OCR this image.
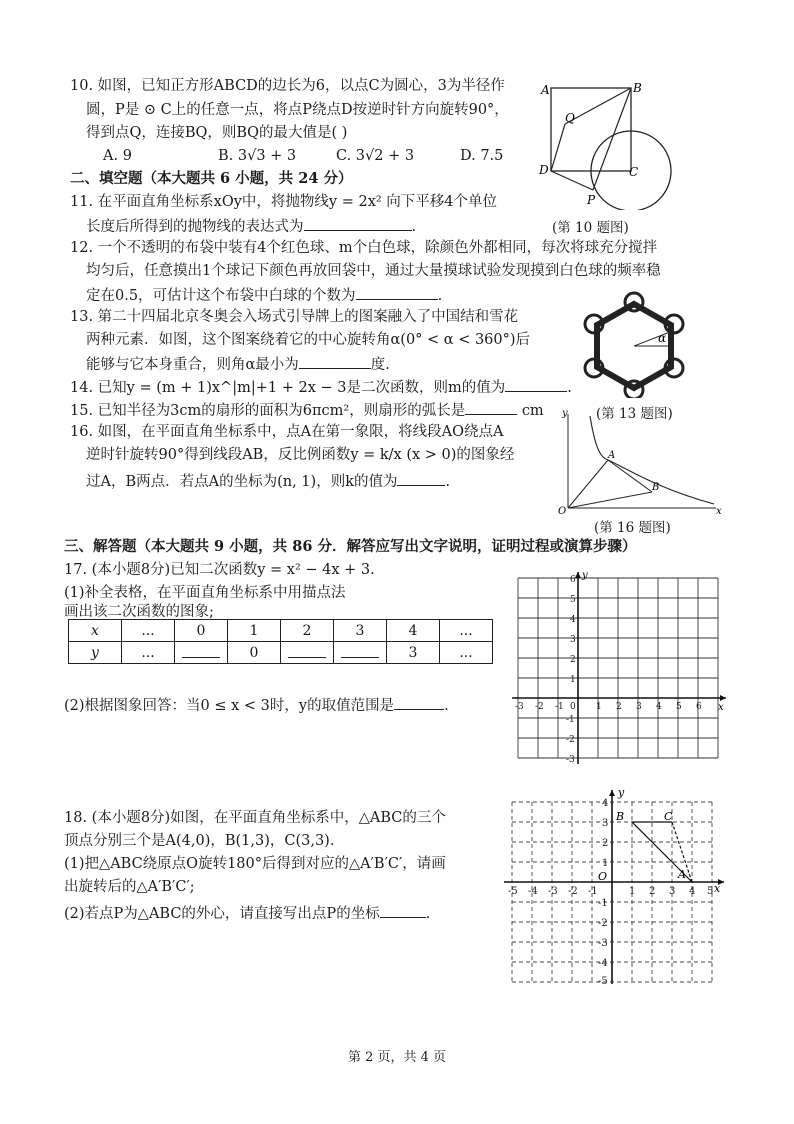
10. 如图，已知正方形ABCD的边长为6，以点C为圆心，3为半径作
圆，P是 ⊙ C上的任意一点，将点P绕点D按逆时针方向旋转90°，
得到点Q，连接BQ，则BQ的最大值是( )
A. 9	B. 3√3 + 3	C. 3√2 + 3	D. 7.5
A	B
C
D
P
Q
(第 10 题图)
二、填空题（本大题共 6 小题，共 24 分）
11. 在平面直角坐标系xOy中，将抛物线y = 2x² 向下平移4个单位
长度后所得到的抛物线的表达式为	.
12. 一个不透明的布袋中装有4个红色球、m个白色球，除颜色外都相同，每次将球充分搅拌
均匀后，任意摸出1个球记下颜色再放回袋中，通过大量摸球试验发现摸到白色球的频率稳
定在0.5，可估计这个布袋中白球的个数为	.
13. 第二十四届北京冬奥会入场式引导牌上的图案融入了中国结和雪花
两种元素．如图，这个图案绕着它的中心旋转角α(0° < α < 360°)后
能够与它本身重合，则角α最小为	度.
α
(第 13 题图)
14. 已知y = (m + 1)x^|m|+1 + 2x − 3是二次函数，则m的值为	.
15. 已知半径为3cm的扇形的面积为6πcm²，则扇形的弧长是	cm
16. 如图，在平面直角坐标系中，点A在第一象限，将线段AO绕点A
逆时针旋转90°得到线段AB，反比例函数y = k/x (x > 0)的图象经
过A，B两点．若点A的坐标为(n, 1)，则k的值为	.
y
x
O
A
B
(第 16 题图)
三、解答题（本大题共 9 小题，共 86 分．解答应写出文字说明，证明过程或演算步骤）
17. (本小题8分)已知二次函数y = x² − 4x + 3.
(1)补全表格，在平面直角坐标系中用描点法
画出该二次函数的图象;
x	...	0	1	2	3	4	...
y	...		0			3	...
(2)根据图象回答：当0 ≤ x < 3时，y的取值范围是	.	-3 -2 -1 0 1 2 3 4 5 6
6
5
4
3
2
1
-1
-2
-3
y
x
18. (本小题8分)如图，在平面直角坐标系中，△ABC的三个
顶点分别三个是A(4,0)，B(1,3)，C(3,3).
(1)把△ABC绕原点O旋转180°后得到对应的△A′B′C′，请画
出旋转后的△A′B′C′;
(2)若点P为△ABC的外心，请直接写出点P的坐标	.
-5 -4 -3 -2 -1	1 2 3 4 5
4
3
2
1
-1
-2
-3
-4
-5
B	C
A
O
x
y
第 2 页，共 4 页
